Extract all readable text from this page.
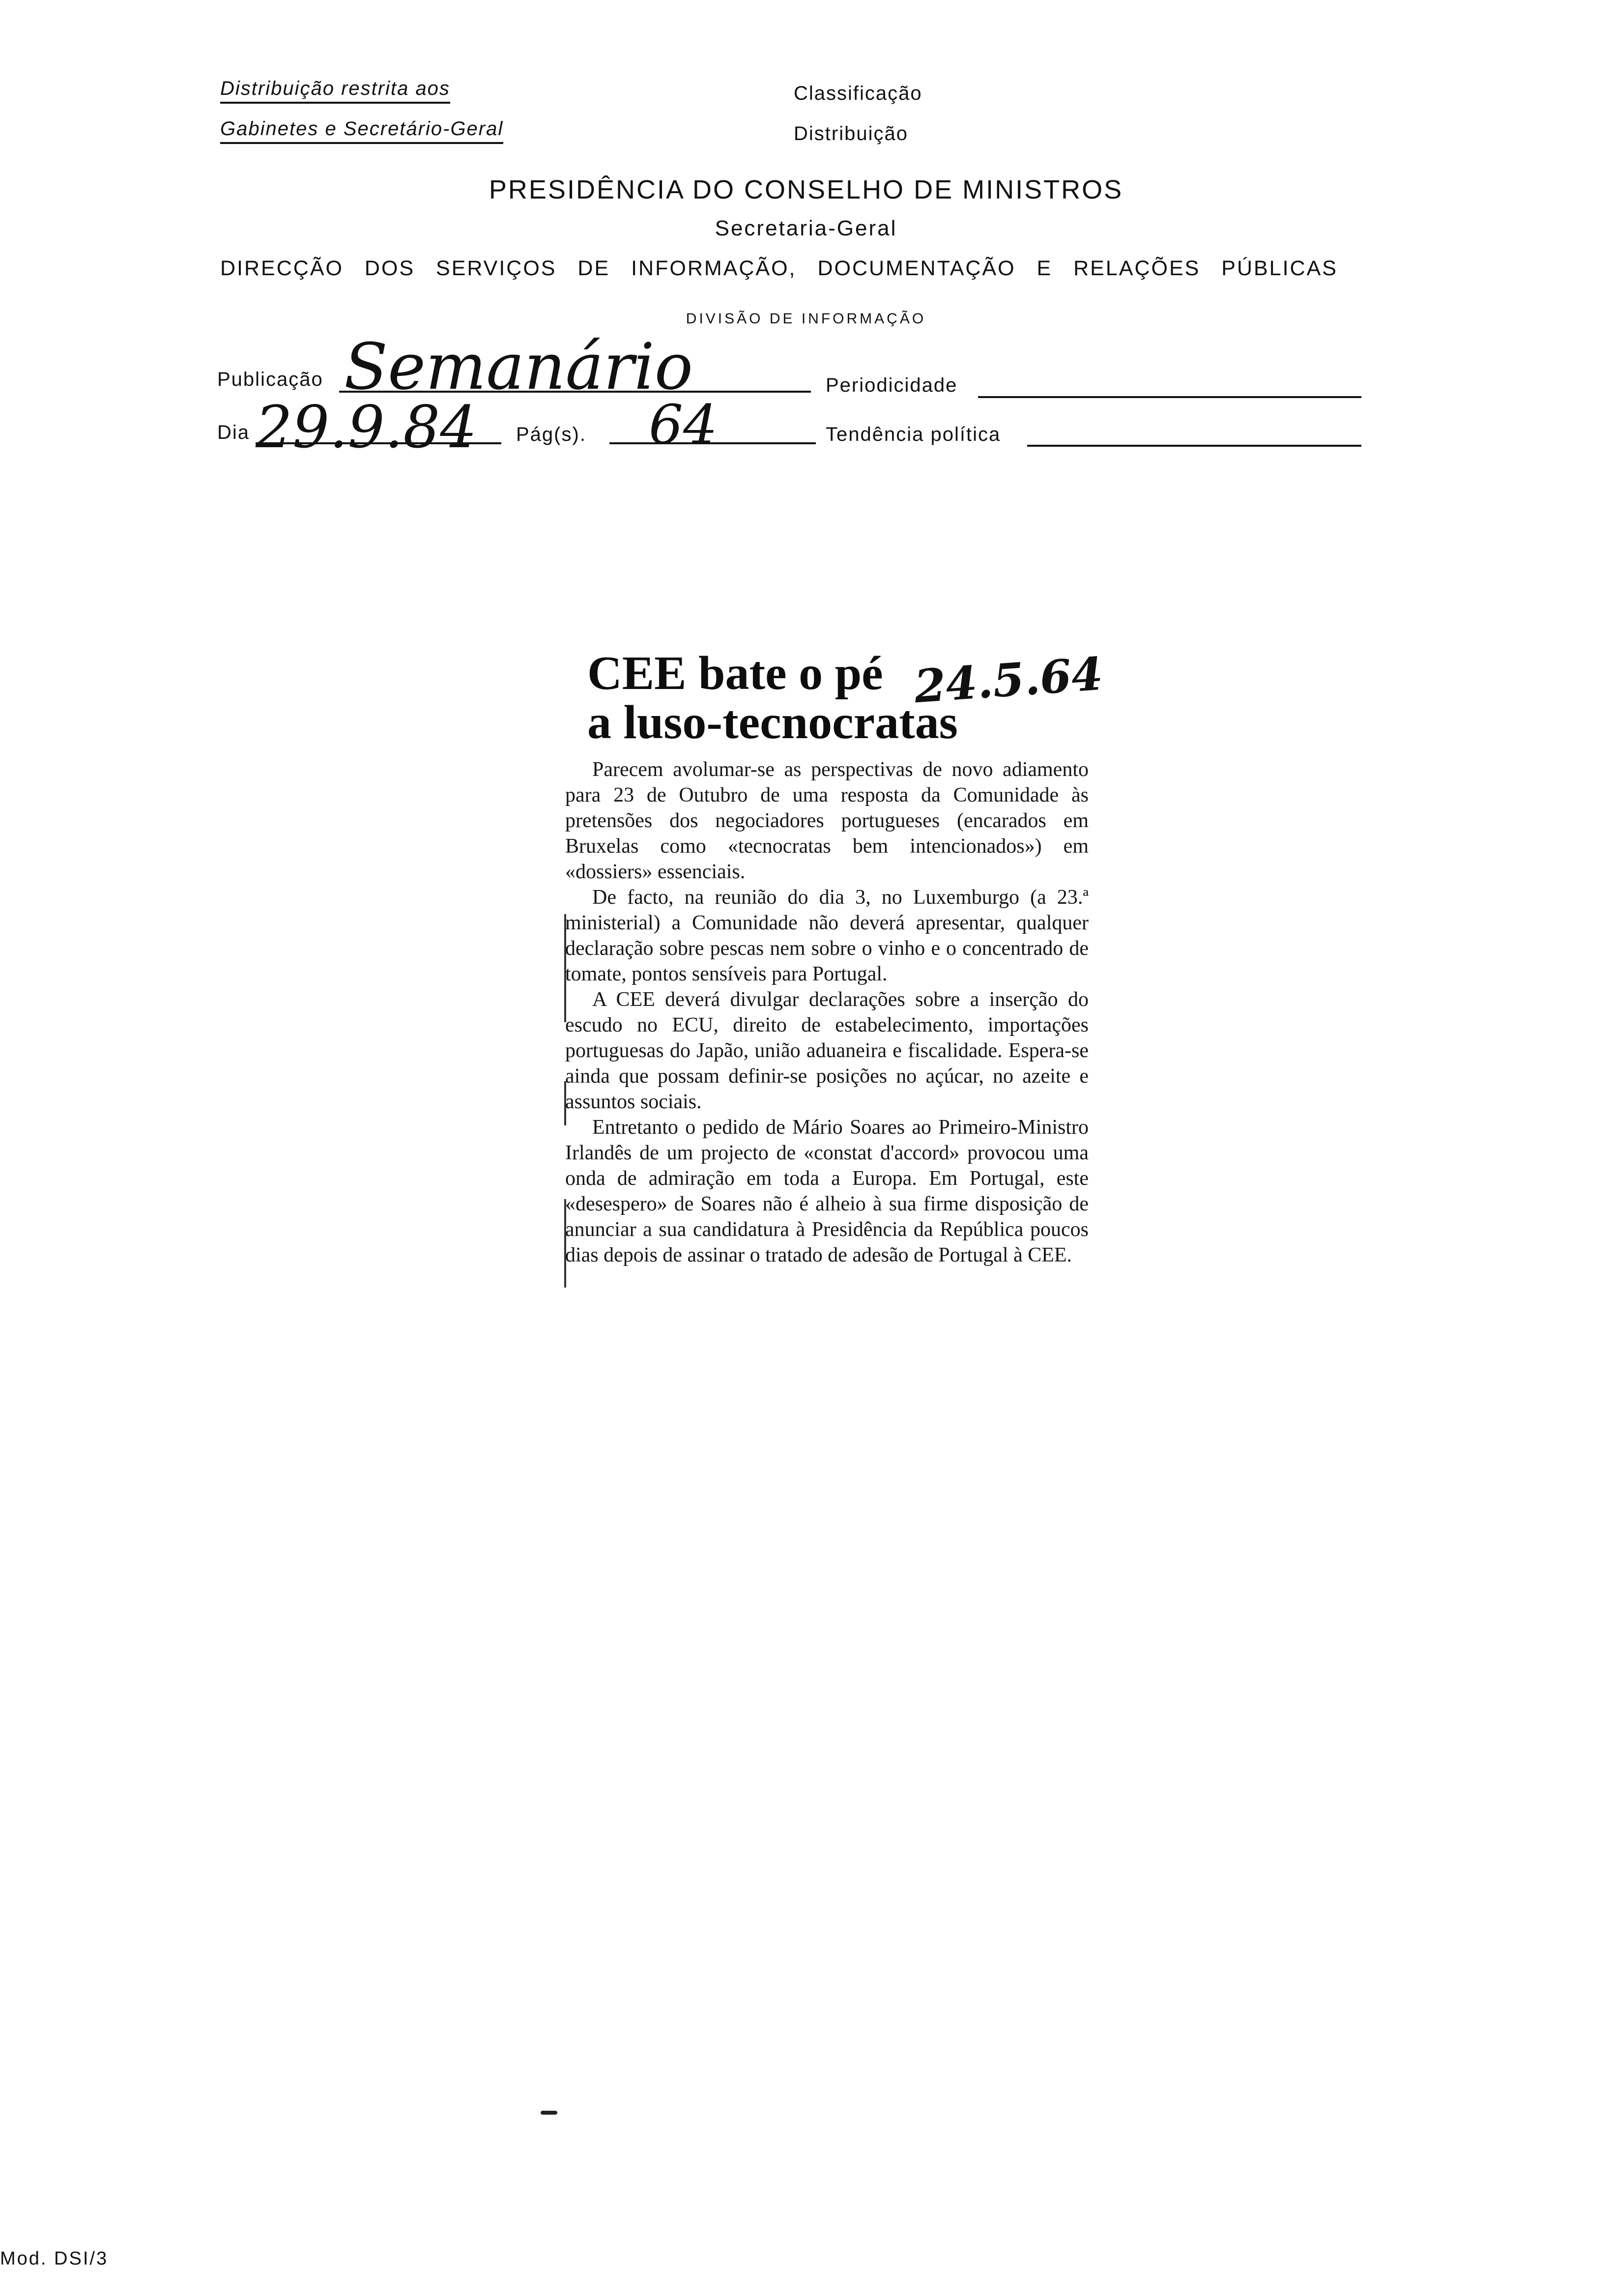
Distribuição restrita aos
Gabinetes e Secretário-Geral
Classificação
Distribuição
PRESIDÊNCIA DO CONSELHO DE MINISTROS
Secretaria-Geral
DIRECÇÃO DOS SERVIÇOS DE INFORMAÇÃO, DOCUMENTAÇÃO E RELAÇÕES PÚBLICAS
DIVISÃO DE INFORMAÇÃO
Publicação Semanário	Periodicidade
Dia 29.9.84 Pág(s). 64	Tendência política
CEE bate o pé
a luso-tecnocratas
24.5.64

Parecem avolumar-se as perspectivas de novo adiamento para 23 de Outubro de uma resposta da Comunidade às pretensões dos negociadores portugueses (encarados em Bruxelas como «tecnocratas bem intencionados») em «dossiers» essenciais.

De facto, na reunião do dia 3, no Luxemburgo (a 23.ª ministerial) a Comunidade não deverá apresentar, qualquer declaração sobre pescas nem sobre o vinho e o concentrado de tomate, pontos sensíveis para Portugal.

A CEE deverá divulgar declarações sobre a inserção do escudo no ECU, direito de estabelecimento, importações portuguesas do Japão, união aduaneira e fiscalidade. Espera-se ainda que possam definir-se posições no açúcar, no azeite e assuntos sociais.

Entretanto o pedido de Mário Soares ao Primeiro-Ministro Irlandês de um projecto de «constat d'accord» provocou uma onda de admiração em toda a Europa. Em Portugal, este «desespero» de Soares não é alheio à sua firme disposição de anunciar a sua candidatura à Presidência da República poucos dias depois de assinar o tratado de adesão de Portugal à CEE.

Mod. DSI/3
